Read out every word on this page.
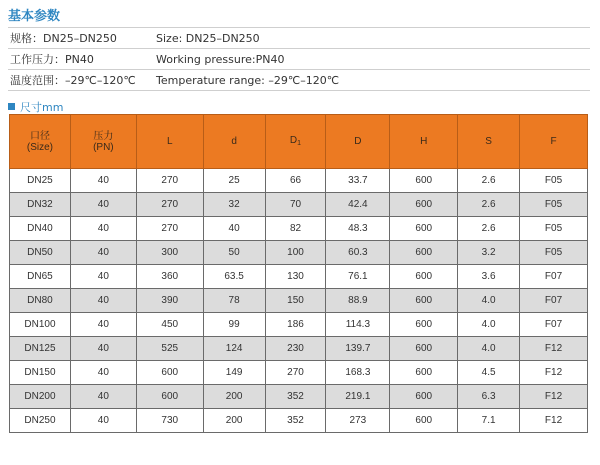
基本参数
规格：DN25–DN250	Size: DN25–DN250
工作压力：PN40	Working pressure:PN40
温度范围：–29℃–120℃	Temperature range: –29℃–120℃
尺寸mm
口径
(Size)	压力
(PN)	L	d	$D_1$	D	H	S	F
DN25	40	270	25	66	33.7	600	2.6	F05
DN32	40	270	32	70	42.4	600	2.6	F05
DN40	40	270	40	82	48.3	600	2.6	F05
DN50	40	300	50	100	60.3	600	3.2	F05
DN65	40	360	63.5	130	76.1	600	3.6	F07
DN80	40	390	78	150	88.9	600	4.0	F07
DN100	40	450	99	186	114.3	600	4.0	F07
DN125	40	525	124	230	139.7	600	4.0	F12
DN150	40	600	149	270	168.3	600	4.5	F12
DN200	40	600	200	352	219.1	600	6.3	F12
DN250	40	730	200	352	273	600	7.1	F12
